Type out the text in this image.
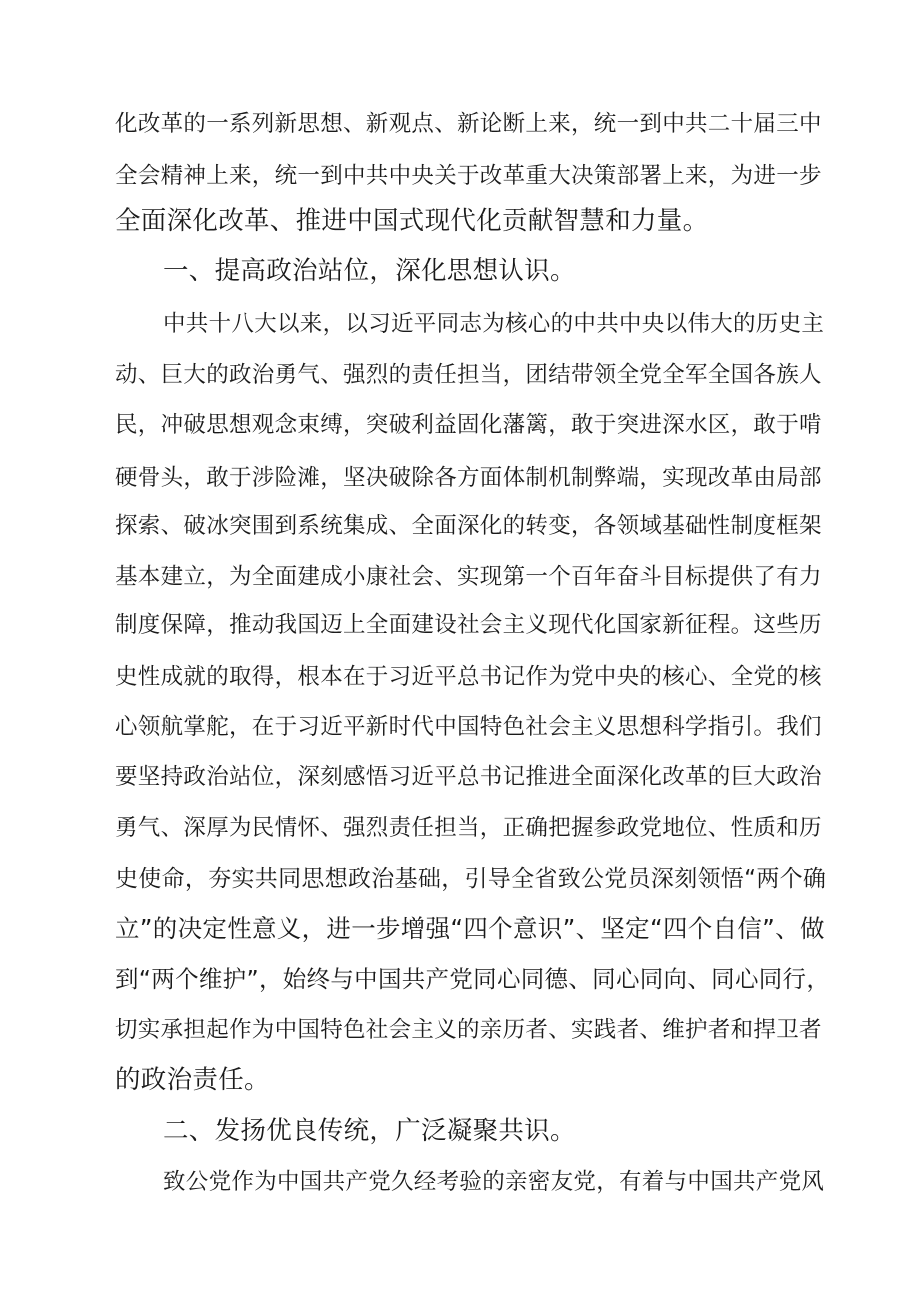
化改革的一系列新思想、新观点、新论断上来，统一到中共二十届三中
全会精神上来，统一到中共中央关于改革重大决策部署上来，为进一步
全面深化改革、推进中国式现代化贡献智慧和力量。
一、提高政治站位，深化思想认识。
中共十八大以来，以习近平同志为核心的中共中央以伟大的历史主
动、巨大的政治勇气、强烈的责任担当，团结带领全党全军全国各族人
民，冲破思想观念束缚，突破利益固化藩篱，敢于突进深水区，敢于啃
硬骨头，敢于涉险滩，坚决破除各方面体制机制弊端，实现改革由局部
探索、破冰突围到系统集成、全面深化的转变，各领域基础性制度框架
基本建立，为全面建成小康社会、实现第一个百年奋斗目标提供了有力
制度保障，推动我国迈上全面建设社会主义现代化国家新征程。这些历
史性成就的取得，根本在于习近平总书记作为党中央的核心、全党的核
心领航掌舵，在于习近平新时代中国特色社会主义思想科学指引。我们
要坚持政治站位，深刻感悟习近平总书记推进全面深化改革的巨大政治
勇气、深厚为民情怀、强烈责任担当，正确把握参政党地位、性质和历
史使命，夯实共同思想政治基础，引导全省致公党员深刻领悟“两个确
立”的决定性意义，进一步增强“四个意识”、坚定“四个自信”、做
到“两个维护”，始终与中国共产党同心同德、同心同向、同心同行，
切实承担起作为中国特色社会主义的亲历者、实践者、维护者和捍卫者
的政治责任。
二、发扬优良传统，广泛凝聚共识。
致公党作为中国共产党久经考验的亲密友党，有着与中国共产党风
